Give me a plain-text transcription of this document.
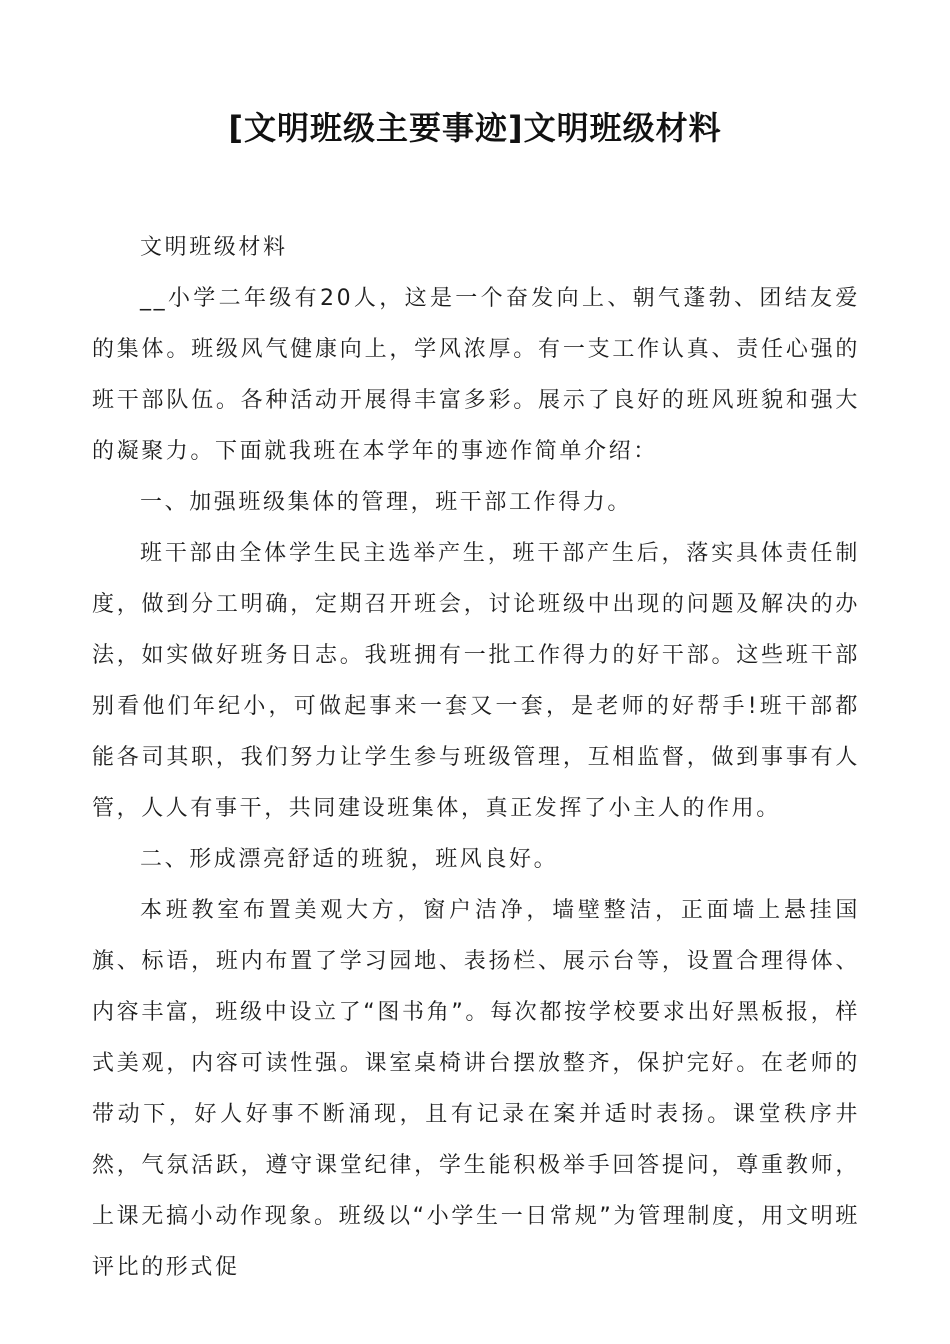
[文明班级主要事迹]文明班级材料

文明班级材料

__小学二年级有20人，这是一个奋发向上、朝气蓬勃、团结友爱的集体。班级风气健康向上，学风浓厚。有一支工作认真、责任心强的班干部队伍。各种活动开展得丰富多彩。展示了良好的班风班貌和强大的凝聚力。下面就我班在本学年的事迹作简单介绍：

一、加强班级集体的管理，班干部工作得力。

班干部由全体学生民主选举产生，班干部产生后，落实具体责任制度，做到分工明确，定期召开班会，讨论班级中出现的问题及解决的办法，如实做好班务日志。我班拥有一批工作得力的好干部。这些班干部别看他们年纪小，可做起事来一套又一套，是老师的好帮手!班干部都能各司其职，我们努力让学生参与班级管理，互相监督，做到事事有人管，人人有事干，共同建设班集体，真正发挥了小主人的作用。

二、形成漂亮舒适的班貌，班风良好。

本班教室布置美观大方，窗户洁净，墙壁整洁，正面墙上悬挂国旗、标语，班内布置了学习园地、表扬栏、展示台等，设置合理得体、内容丰富，班级中设立了“图书角”。每次都按学校要求出好黑板报，样式美观，内容可读性强。课室桌椅讲台摆放整齐，保护完好。在老师的带动下，好人好事不断涌现，且有记录在案并适时表扬。课堂秩序井然，气氛活跃，遵守课堂纪律，学生能积极举手回答提问，尊重教师，上课无搞小动作现象。班级以“小学生一日常规”为管理制度，用文明班评比的形式促
